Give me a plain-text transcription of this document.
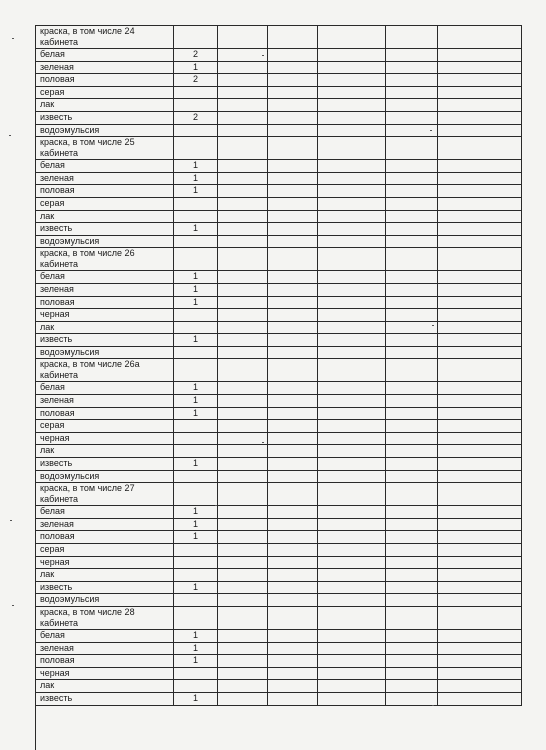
краска, в том числе 24 кабинета						
белая	2					
зеленая	1					
половая	2					
серая						
лак						
известь	2					
водоэмульсия						
краска, в том числе 25 кабинета						
белая	1					
зеленая	1					
половая	1					
серая						
лак						
известь	1					
водоэмульсия						
краска, в том числе 26 кабинета						
белая	1					
зеленая	1					
половая	1					
черная						
лак						
известь	1					
водоэмульсия						
краска, в том числе 26а кабинета						
белая	1					
зеленая	1					
половая	1					
серая						
черная						
лак						
известь	1					
водоэмульсия						
краска, в том числе 27 кабинета						
белая	1					
зеленая	1					
половая	1					
серая						
черная						
лак						
известь	1					
водоэмульсия						
краска, в том числе 28 кабинета						
белая	1					
зеленая	1					
половая	1					
черная						
лак						
известь	1					
